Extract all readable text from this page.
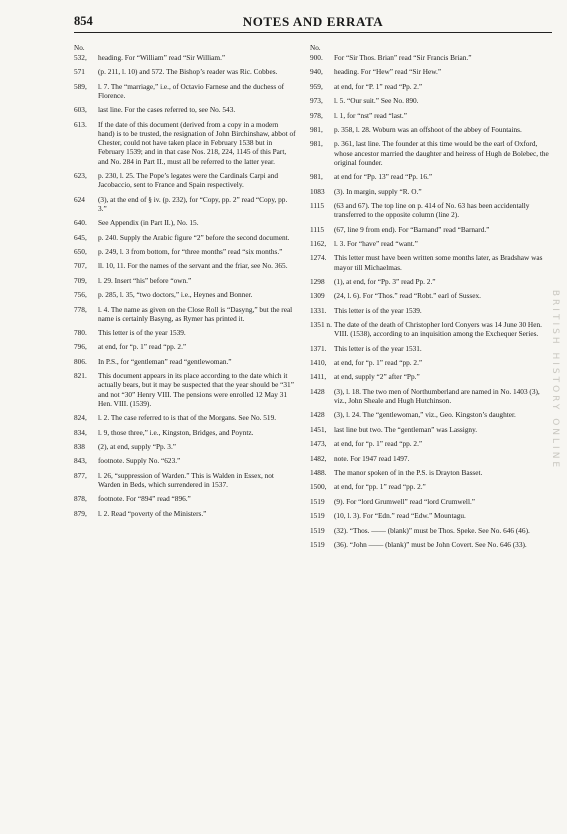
854	NOTES AND ERRATA
No.
532, heading. For “William” read “Sir William.”
571 (p. 211, l. 10) and 572. The Bishop’s reader was Ric. Cobbes.
589, l. 7. The “marriage,” i.e., of Octavio Farnese and the duchess of Florence.
603, last line. For the cases referred to, see No. 543.
613. If the date of this document (derived from a copy in a modern hand) is to be trusted, the resignation of John Birchinshaw, abbot of Chester, could not have taken place in February 1538 but in February 1539; and in that case Nos. 218, 224, 1145 of this Part, and No. 284 in Part II., must all be referred to the latter year.
623, p. 230, l. 25. The Pope’s legates were the Cardinals Carpi and Jacobaccio, sent to France and Spain respectively.
624 (3), at the end of § iv. (p. 232), for “Copy, pp. 2” read “Copy, pp. 3.”
640. See Appendix (in Part II.), No. 15.
645, p. 240. Supply the Arabic figure “2” before the second document.
650, p. 249, l. 3 from bottom, for “three months” read “six months.”
707, ll. 10, 11. For the names of the servant and the friar, see No. 365.
709, l. 29. Insert “his” before “own.”
756, p. 285, l. 35, “two doctors,” i.e., Heynes and Bonner.
778, l. 4. The name as given on the Close Roll is “Dasyng,” but the real name is certainly Basyng, as Rymer has printed it.
780. This letter is of the year 1539.
796, at end, for “p. 1” read “pp. 2.”
806. In P.S., for “gentleman” read “gentlewoman.”
821. This document appears in its place according to the date which it actually bears, but it may be suspected that the year should be “31” and not “30” Henry VIII. The pensions were enrolled 12 May 31 Hen. VIII. (1539).
824, l. 2. The case referred to is that of the Morgans. See No. 519.
834, l. 9, those three,” i.e., Kingston, Bridges, and Poyntz.
838 (2), at end, supply “Pp. 3.”
843, footnote. Supply No. “623.”
877, l. 26, “suppression of Warden.” This is Walden in Essex, not Warden in Beds, which surrendered in 1537.
878, footnote. For “894” read “896.”
879, l. 2. Read “poverty of the Ministers.”
No.
900. For “Sir Thos. Brian” read “Sir Francis Brian.”
940, heading. For “Hew” read “Sir Hew.”
959, at end, for “P. 1” read “Pp. 2.”
973, l. 5. “Our suit.” See No. 890.
978, l. 1, for “nst” read “last.”
981, p. 358, l. 28. Woburn was an offshoot of the abbey of Fountains.
981, p. 361, last line. The founder at this time would be the earl of Oxford, whose ancestor married the daughter and heiress of Hugh de Bolebec, the original founder.
981, at end for “Pp. 13” read “Pp. 16.”
1083 (3). In margin, supply “R. O.”
1115 (63 and 67). The top line on p. 414 of No. 63 has been accidentally transferred to the opposite column (line 2).
1115 (67, line 9 from end). For “Barnand” read “Barnard.”
1162, l. 3. For “have” read “want.”
1274. This letter must have been written some months later, as Bradshaw was mayor till Michaelmas.
1298 (1), at end, for “Pp. 3” read Pp. 2.”
1309 (24, l. 6). For “Thos.” read “Robt.” earl of Sussex.
1331. This letter is of the year 1539.
1351 n. The date of the death of Christopher lord Conyers was 14 June 30 Hen. VIII. (1538), according to an inquisition among the Exchequer Series.
1371. This letter is of the year 1531.
1410, at end, for “p. 1” read “pp. 2.”
1411, at end, supply “2” after “Pp.”
1428 (3), l. 18. The two men of Northumberland are named in No. 1403 (3), viz., John Sheale and Hugh Hutchinson.
1428 (3), l. 24. The “gentlewoman,” viz., Geo. Kingston’s daughter.
1451, last line but two. The “gentleman” was Lassigny.
1473, at end, for “p. 1” read “pp. 2.”
1482, note. For 1947 read 1497.
1488. The manor spoken of in the P.S. is Drayton Basset.
1500, at end, for “pp. 1” read “pp. 2.”
1519 (9). For “lord Grumwell” read “lord Crumwell.”
1519 (10, l. 3). For “Edn.” read “Edw.” Mountagu.
1519 (32). “Thos. —— (blank)” must be Thos. Speke. See No. 646 (46).
1519 (36). “John —— (blank)” must be John Covert. See No. 646 (33).
BRITISH HISTORY ONLINE
